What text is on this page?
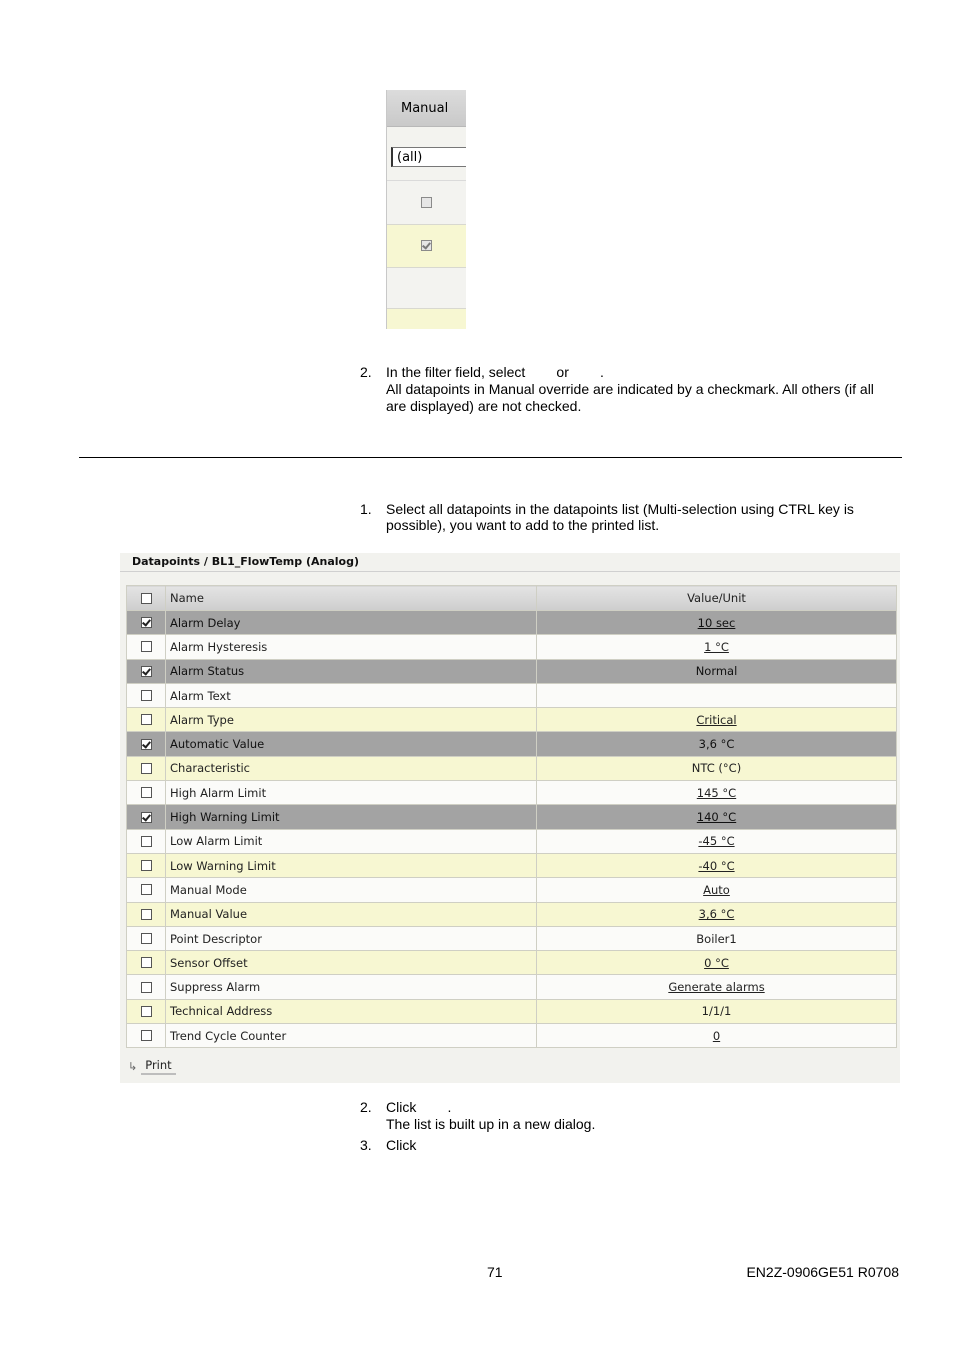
Manual
(all)
2. In the filter field, select        or        .
All datapoints in Manual override are indicated by a checkmark. All others (if all
are displayed) are not checked.
1. Select all datapoints in the datapoints list (Multi-selection using CTRL key is
possible), you want to add to the printed list.
Datapoints / BL1_FlowTemp (Analog)
	Name	Value/Unit

	Alarm Delay	10 sec

	Alarm Hysteresis	1 °C

	Alarm Status	Normal

	Alarm Text	

	Alarm Type	Critical

	Automatic Value	3,6 °C

	Characteristic	NTC (°C)

	High Alarm Limit	145 °C

	High Warning Limit	140 °C

	Low Alarm Limit	-45 °C

	Low Warning Limit	-40 °C

	Manual Mode	Auto

	Manual Value	3,6 °C

	Point Descriptor	Boiler1

	Sensor Offset	0 °C

	Suppress Alarm	Generate alarms

	Technical Address	1/1/1

	Trend Cycle Counter	0
↳ Print
2. Click        .
The list is built up in a new dialog.
3. Click
71	EN2Z-0906GE51 R0708
